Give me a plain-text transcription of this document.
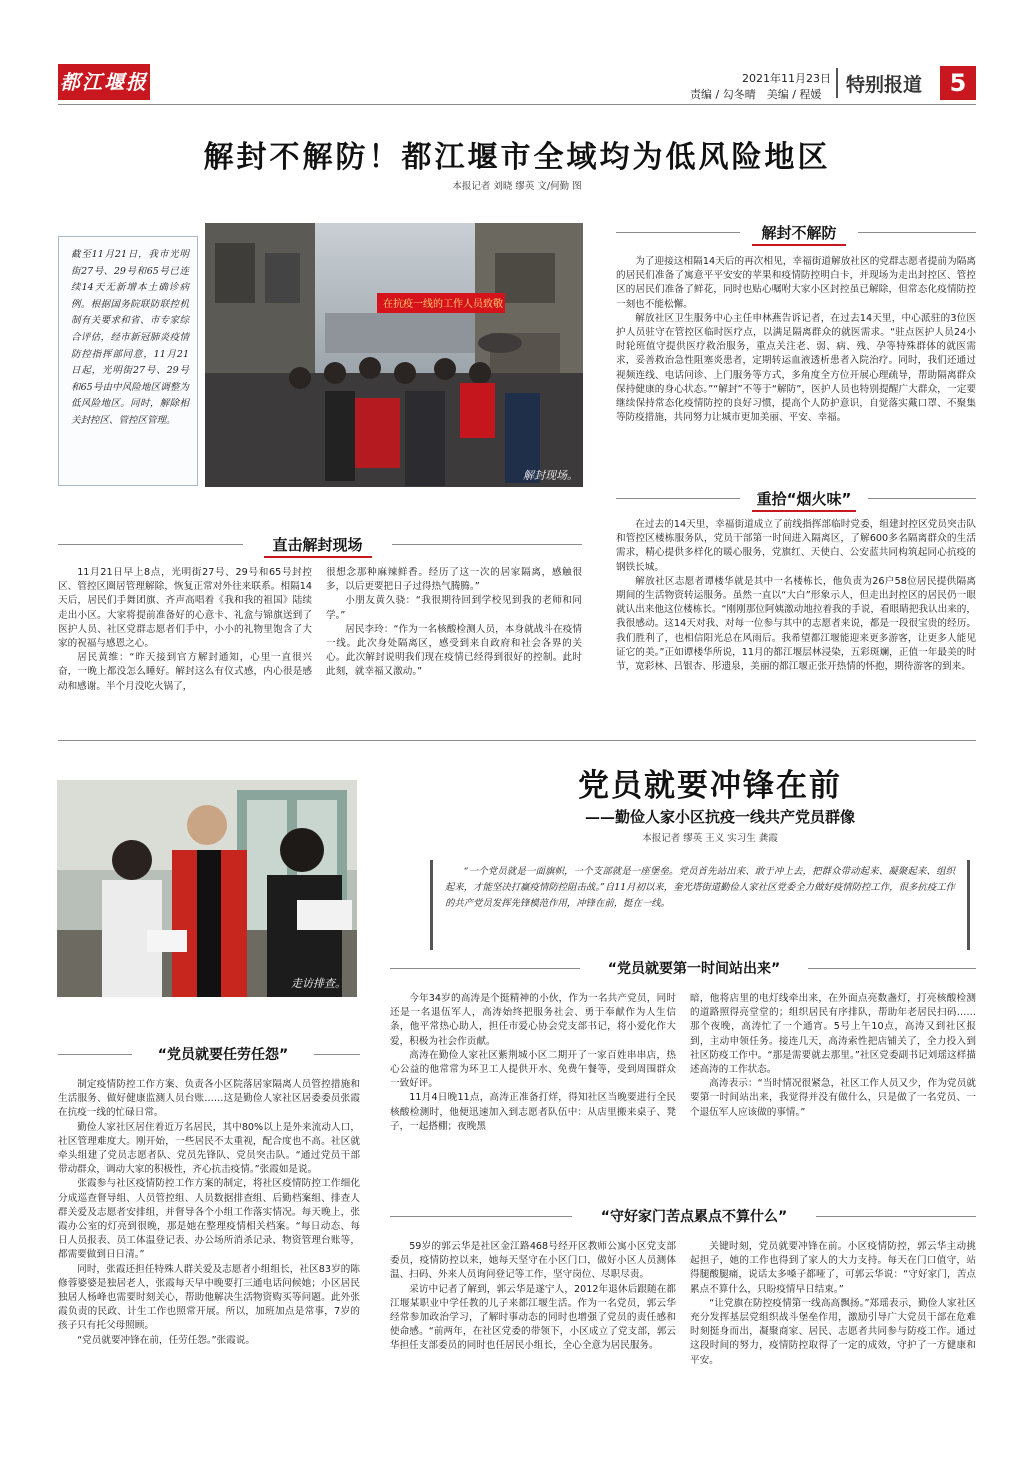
都江堰报	2021年11月23日
责编 / 勾冬晴　美编 / 程媛 特别报道	5
解封不解防！都江堰市全域均为低风险地区
本报记者 刘晓 缪英 文/何勤 图
截至11月21日，我市光明街27号、29号和65号已连续14天无新增本土确诊病例。根据国务院联防联控机制有关要求和省、市专家综合评估，经市新冠肺炎疫情防控指挥部同意，11月21日起，光明街27号、29号和65号由中风险地区调整为低风险地区。同时，解除相关封控区、管控区管理。
在抗疫一线的工作人员致敬
解封现场。
直击解封现场

11月21日早上8点，光明街27号、29号和65号封控区、管控区圈居管理解除，恢复正常对外往来联系。相隔14天后，居民们手舞团旗、齐声高唱着《我和我的祖国》陆续走出小区。大家将提前准备好的心意卡、礼盒与锦旗送到了医护人员、社区党群志愿者们手中，小小的礼物里饱含了大家的祝福与感恩之心。

居民黄维：“昨天接到官方解封通知，心里一直很兴奋，一晚上都没怎么睡好。解封这么有仪式感，内心很是感动和感谢。半个月没吃火锅了，

很想念那种麻辣鲜香。经历了这一次的居家隔离，感触很多，以后更要把日子过得热气腾腾。”

小朋友黄久骁：“我很期待回到学校见到我的老师和同学。”

居民李玲：“作为一名核酸检测人员，本身就战斗在疫情一线。此次身处隔离区，感受到来自政府和社会各界的关心。此次解封说明我们现在疫情已经得到很好的控制。此时此刻，就幸福又激动。”

解封不解防

为了迎接这相隔14天后的再次相见，幸福街道解放社区的党群志愿者提前为隔离的居民们准备了寓意平平安安的苹果和疫情防控明白卡，并现场为走出封控区、管控区的居民们准备了鲜花，同时也贴心嘱咐大家小区封控虽已解除，但常态化疫情防控一刻也不能松懈。

解放社区卫生服务中心主任申林燕告诉记者，在过去14天里，中心派驻的3位医护人员驻守在管控区临时医疗点，以满足隔离群众的就医需求。“驻点医护人员24小时轮班值守提供医疗救治服务，重点关注老、弱、病、残、孕等特殊群体的就医需求，妥善救治急性阻塞炎患者，定期转运血液透析患者入院治疗。同时，我们还通过视频连线、电话问诊、上门服务等方式，多角度全方位开展心理疏导，帮助隔离群众保持健康的身心状态。”“解封”不等于“解防”，医护人员也特别提醒广大群众，一定要继续保持常态化疫情防控的良好习惯，提高个人防护意识，自觉落实戴口罩、不聚集等防疫措施，共同努力让城市更加美丽、平安、幸福。

重拾“烟火味”

在过去的14天里，幸福街道成立了前线指挥部临时党委，组建封控区党员突击队和管控区楼栋服务队，党员干部第一时间进入隔离区，了解600多名隔离群众的生活需求，精心提供多样化的暖心服务，党旗红、天使白、公安蓝共同构筑起同心抗疫的钢铁长城。

解放社区志愿者谭楼华就是其中一名楼栋长，他负责为26户58位居民提供隔离期间的生活物资转运服务。虽然一直以“大白”形象示人，但走出封控区的居民仍一眼就认出来他这位楼栋长。“刚刚那位阿姨激动地拉着我的手说，看眼睛把我认出来的，我很感动。这14天对我、对每一位参与其中的志愿者来说，都是一段很宝贵的经历。我们胜利了，也相信阳光总在风雨后。我希望都江堰能迎来更多游客，让更多人能见证它的美。”正如谭楼华所说，11月的都江堰层林浸染，五彩斑斓，正值一年最美的时节，宽彩林、吕银杏、彤遗泉，美丽的都江堰正张开热情的怀抱，期待游客的到来。

走访排查。
党员就要冲锋在前
——勤俭人家小区抗疫一线共产党员群像
本报记者 缪英 王义 实习生 龚霞
“一个党员就是一面旗帜，一个支部就是一座堡垒。党员首先站出来、敢于冲上去，把群众带动起来、凝聚起来、组织起来，才能坚决打赢疫情防控阻击战。”自11月初以来，奎光塔街道勤俭人家社区党委全力做好疫情防控工作，很多抗疫工作的共产党员发挥先锋模范作用，冲锋在前，挺在一线。
“党员就要第一时间站出来”

今年34岁的高涛是个挺精神的小伙，作为一名共产党员，同时还是一名退伍军人，高涛始终把服务社会、勇于奉献作为人生信条，他平常热心助人，担任市爱心协会党支部书记，将小爱化作大爱，积极为社会作贡献。

高涛在勤俭人家社区紫荆城小区二期开了一家百姓串串店，热心公益的他常常为环卫工人提供开水、免费午餐等，受到周围群众一致好评。

11月4日晚11点，高涛正准备打烊，得知社区当晚要进行全民核酸检测时，他便迅速加入到志愿者队伍中：从店里搬来桌子、凳子，一起搭棚；夜晚黑

暗，他将店里的电灯线牵出来，在外面点亮数盏灯，打亮核酸检测的道路照得亮堂堂的；组织居民有序排队，帮助年老居民扫码……那个夜晚，高涛忙了一个通宵。5号上午10点，高涛又到社区报到，主动申领任务。接连几天，高涛索性把店铺关了，全力投入到社区防疫工作中。“那是需要就去那里。”社区党委副书记刘瑶这样描述高涛的工作状态。

高涛表示：“当时情况很紧急，社区工作人员又少，作为党员就要第一时间站出来，我觉得并没有做什么，只是做了一名党员、一个退伍军人应该做的事情。”

“党员就要任劳任怨”

制定疫情防控工作方案、负责各小区院落居家隔离人员管控措施和生活服务、做好健康监测人员台账……这是勤俭人家社区居委委员张霞在抗疫一线的忙碌日常。

勤俭人家社区居住着近万名居民，其中80%以上是外来流动人口，社区管理难度大。刚开始，一些居民不太重视，配合度也不高。社区就牵头组建了党员志愿者队、党员先锋队、党员突击队。“通过党员干部带动群众，调动大家的积极性，齐心抗击疫情。”张霞如是说。

张霞参与社区疫情防控工作方案的制定，将社区疫情防控工作细化分成巡查督导组、人员管控组、人员数据排查组、后勤档案组、排查人群关爱及志愿者安排组，并督导各个小组工作落实情况。每天晚上，张霞办公室的灯亮到很晚，那是她在整理疫情相关档案。“每日动态、每日人员报表、员工体温登记表、办公场所消杀记录、物资管理台账等，都需要做到日日清。”

同时，张霞还担任特殊人群关爱及志愿者小组组长，社区83岁的陈修蓉婆婆是独居老人，张霞每天早中晚要打三通电话问候她；小区居民独居人杨峰也需要时刻关心，帮助他解决生活物资购买等问题。此外张霞负责的民政、计生工作也照常开展。所以，加班加点是常事，7岁的孩子只有托父母照顾。

“党员就要冲锋在前，任劳任怨。”张霞说。

“守好家门苦点累点不算什么”

59岁的郭云华是社区金江路468号经开区教师公寓小区党支部委员，疫情防控以来，她每天坚守在小区门口，做好小区人员测体温、扫码、外来人员询问登记等工作，坚守岗位、尽职尽责。

采访中记者了解到，郭云华是遂宁人，2012年退休后跟随在都江堰某职业中学任教的儿子来都江堰生活。作为一名党员，郭云华经常参加政治学习，了解时事动态的同时也增强了党员的责任感和使命感。“前两年，在社区党委的带领下，小区成立了党支部，郭云华担任支部委员的同时也任居民小组长，全心全意为居民服务。

关键时刻，党员就要冲锋在前。小区疫情防控，郭云华主动挑起担子，她的工作也得到了家人的大力支持。每天在门口值守，站得腿酸腿痛，说话太多嗓子都哑了，可郭云华说：“守好家门，苦点累点不算什么，只盼疫情早日结束。”

“让党旗在防控疫情第一线高高飘扬。”郑瑶表示，勤俭人家社区充分发挥基层党组织战斗堡垒作用，激励引导广大党员干部在危难时刻挺身而出，凝聚商家、居民、志愿者共同参与防疫工作。通过这段时间的努力，疫情防控取得了一定的成效，守护了一方健康和平安。
